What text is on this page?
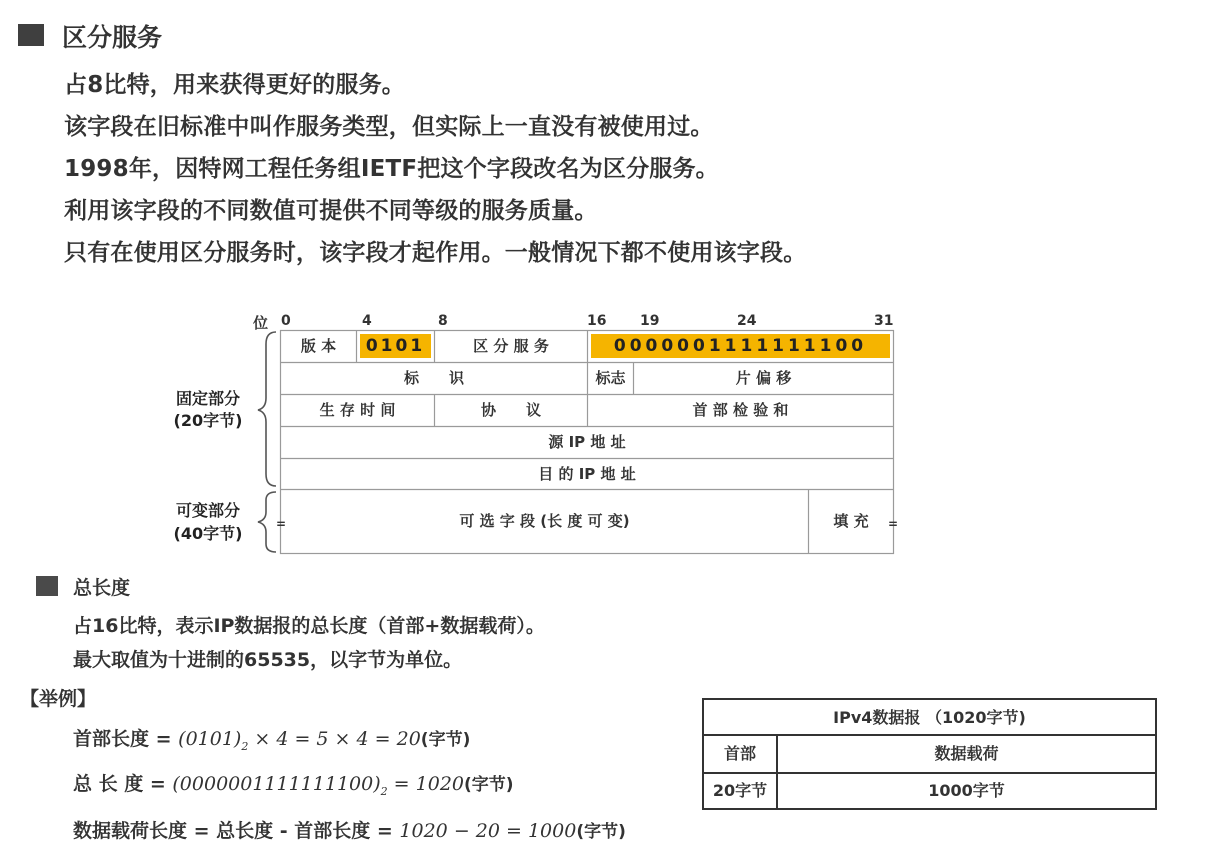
区分服务
占8比特，用来获得更好的服务。
该字段在旧标准中叫作服务类型，但实际上一直没有被使用过。
1998年，因特网工程任务组IETF把这个字段改名为区分服务。
利用该字段的不同数值可提供不同等级的服务质量。
只有在使用区分服务时，该字段才起作用。一般情况下都不使用该字段。
位 0	4	8	16 19	24	31
版 本	0101	区 分 服 务	0000001111111100
标　　识	标志	片 偏 移
生 存 时 间	协　　议	首 部 检 验 和
源 IP 地 址
目 的 IP 地 址
可 选 字 段 (长 度 可 变)	填 充
=	=
固定部分
(20字节)
可变部分
(40字节)
总长度
占16比特，表示IP数据报的总长度（首部+数据载荷）。
最大取值为十进制的65535，以字节为单位。
【举例】
首部长度 = $(0101)_2 \times 4 = 5 \times 4 = 20$(字节)
总 长 度 = $(0000001111111100)_2 = 1020$(字节)
数据载荷长度 = 总长度 - 首部长度 = 1020 − 20 = 1000(字节)
IPv4数据报 （1020字节)
首部	数据载荷
20字节	1000字节
